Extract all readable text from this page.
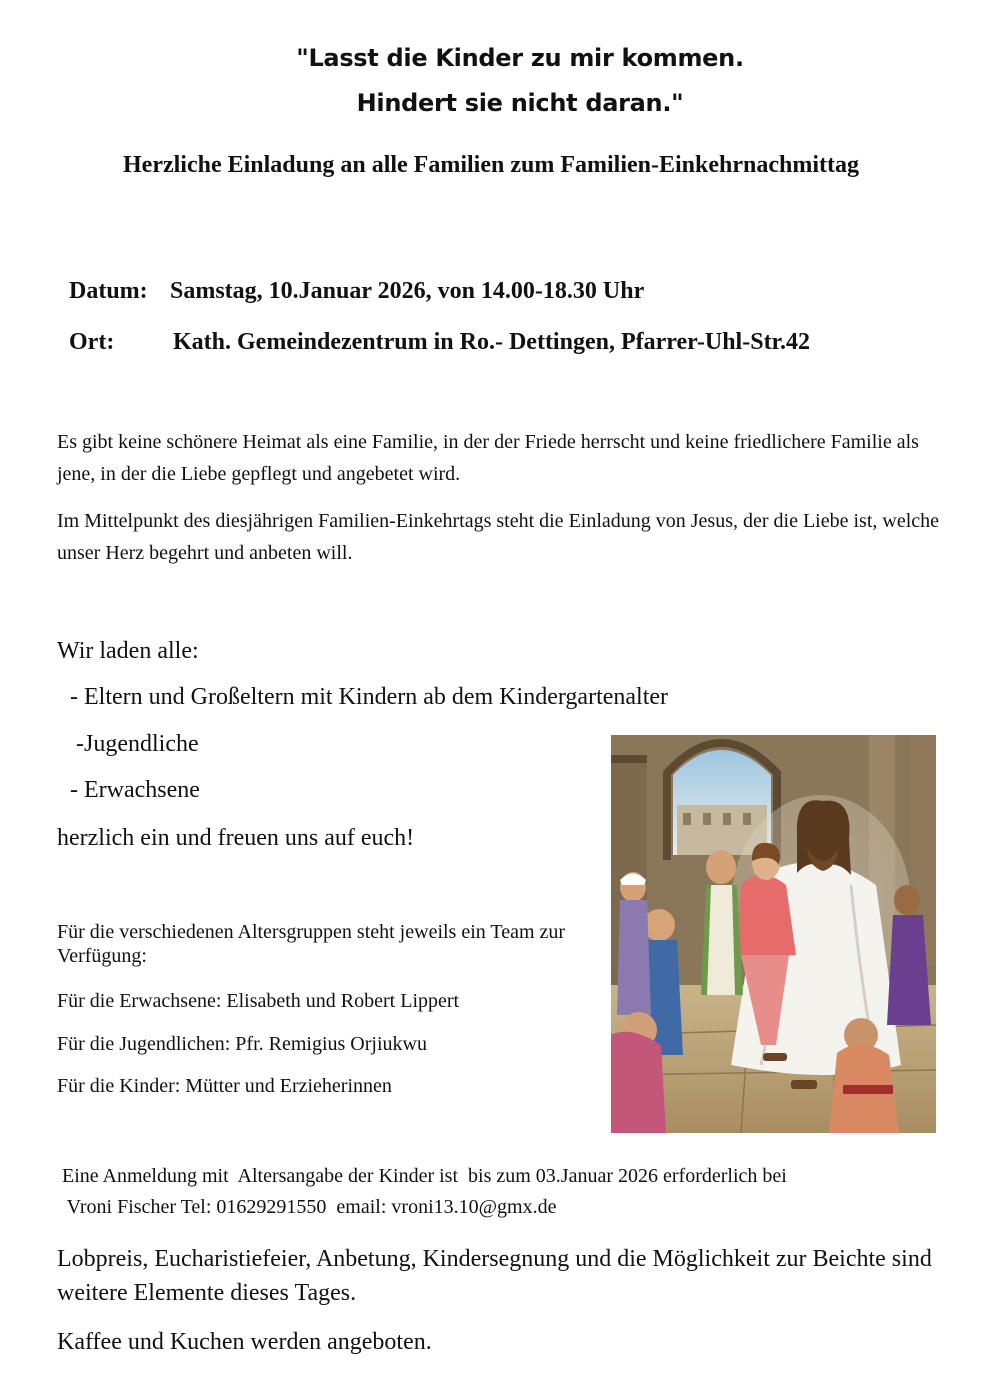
"Lasst die Kinder zu mir kommen.
Hindert sie nicht daran."
Herzliche Einladung an alle Familien zum Familien-Einkehrnachmittag
Datum: Samstag, 10.Januar 2026, von 14.00-18.30 Uhr
Ort: Kath. Gemeindezentrum in Ro.- Dettingen, Pfarrer-Uhl-Str.42

Es gibt keine schönere Heimat als eine Familie, in der der Friede herrscht und keine friedlichere Familie als jene, in der die Liebe gepflegt und angebetet wird.

Im Mittelpunkt des diesjährigen Familien-Einkehrtags steht die Einladung von Jesus, der die Liebe ist, welche unser Herz begehrt und anbeten will.

Wir laden alle:
- Eltern und Großeltern mit Kindern ab dem Kindergartenalter
-Jugendliche
- Erwachsene
herzlich ein und freuen uns auf euch!

Für die verschiedenen Altersgruppen steht jeweils ein Team zur Verfügung:

Für die Erwachsene: Elisabeth und Robert Lippert
Für die Jugendlichen: Pfr. Remigius Orjiukwu
Für die Kinder: Mütter und Erzieherinnen
Eine Anmeldung mit  Altersangabe der Kinder ist  bis zum 03.Januar 2026 erforderlich bei
Vroni Fischer Tel: 01629291550  email: vroni13.10@gmx.de

Lobpreis, Eucharistiefeier, Anbetung, Kindersegnung und die Möglichkeit zur Beichte sind weitere Elemente dieses Tages.

Kaffee und Kuchen werden angeboten.
